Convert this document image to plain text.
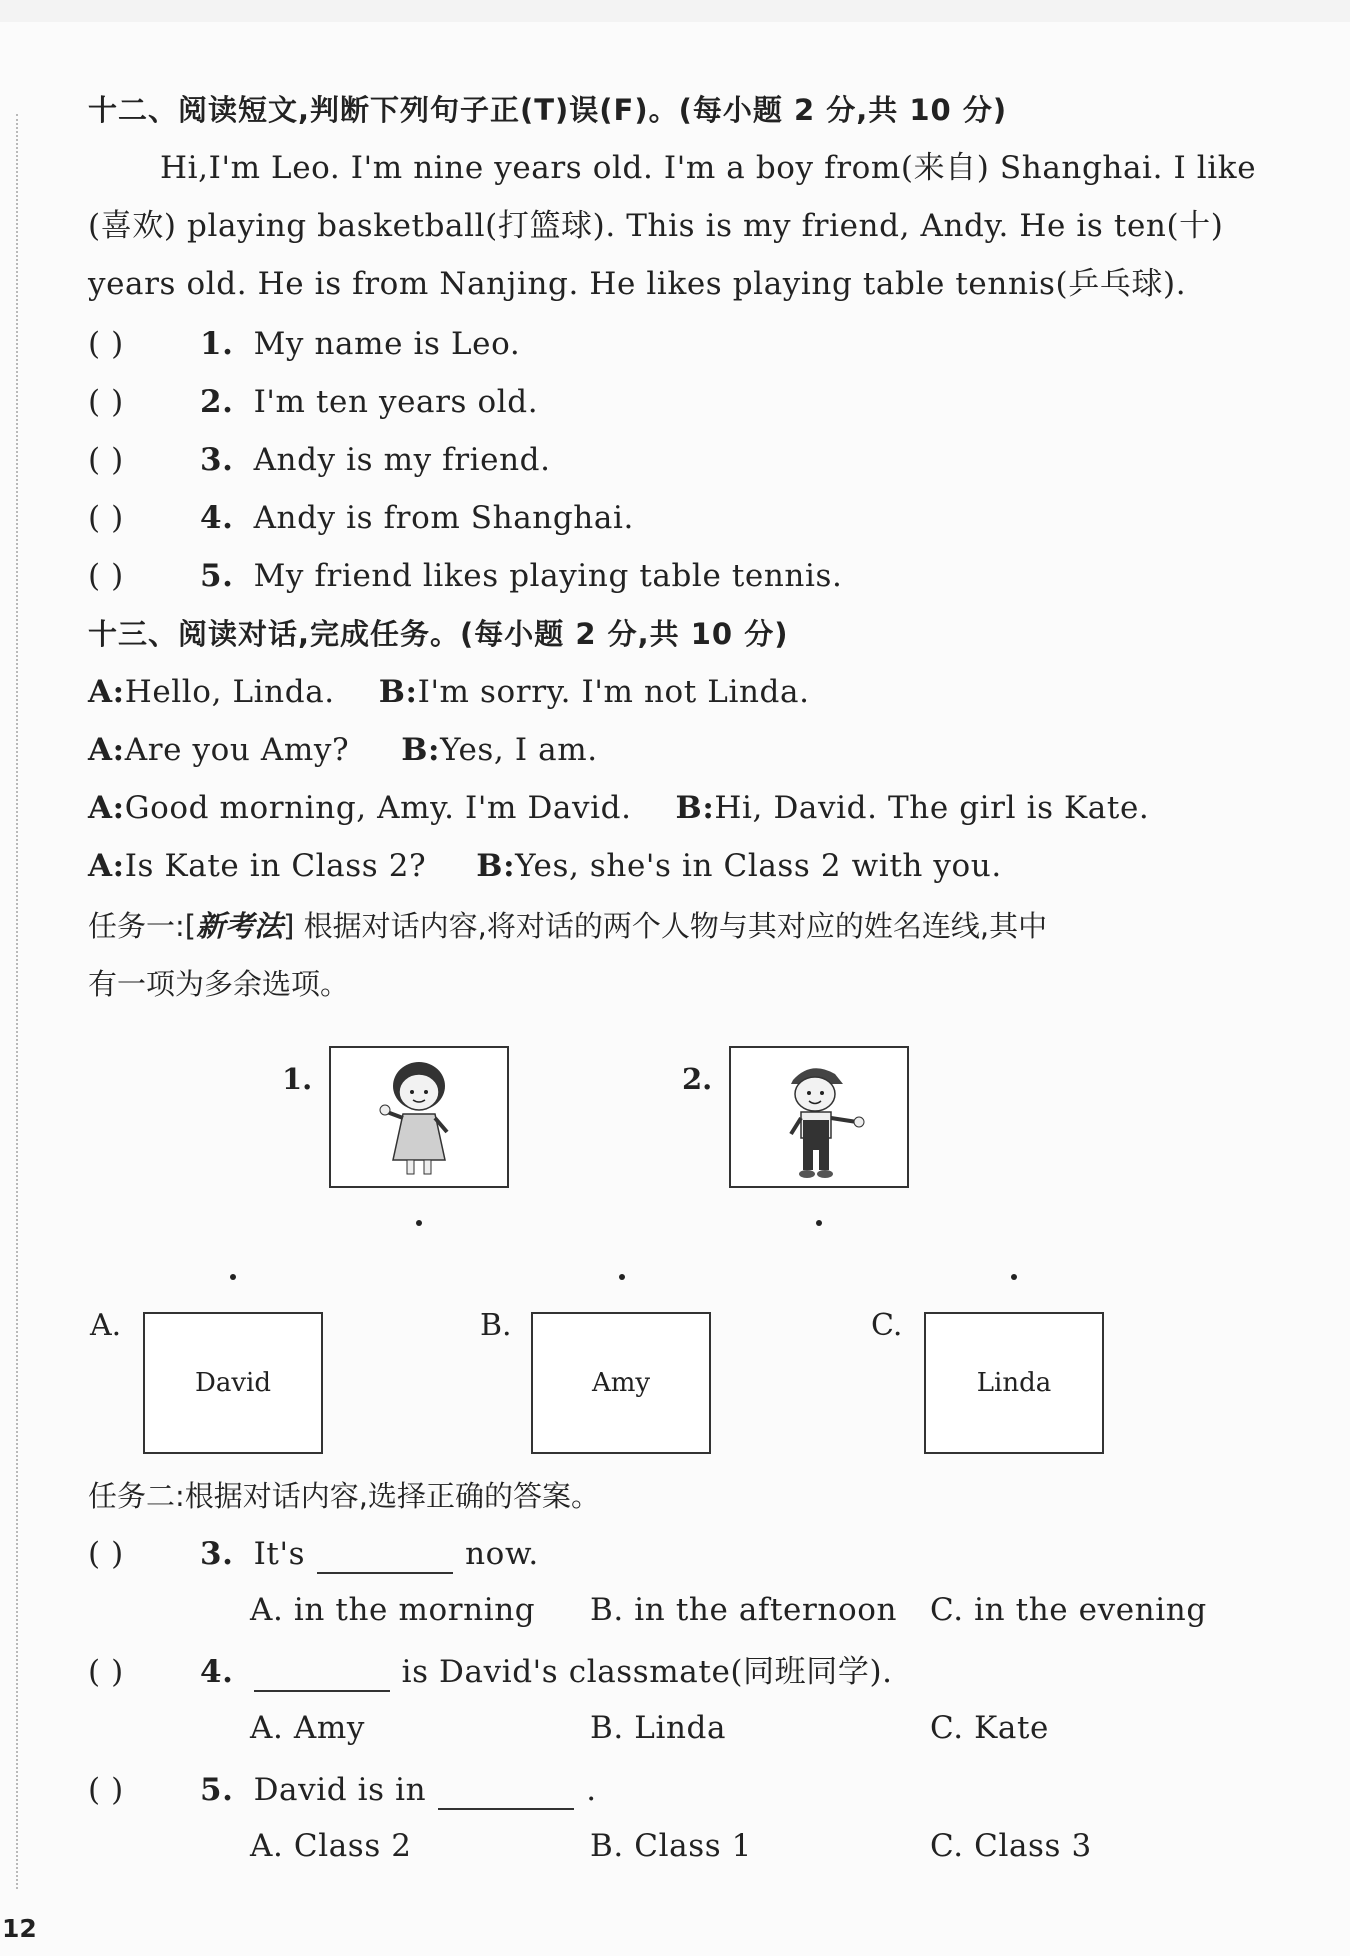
十二、阅读短文,判断下列句子正(T)误(F)。(每小题 2 分,共 10 分)
Hi,I'm Leo. I'm nine years old. I'm a boy from(来自) Shanghai. I like
(喜欢) playing basketball(打篮球). This is my friend, Andy. He is ten(十)
years old. He is from Nanjing. He likes playing table tennis(乒乓球).
( ) 1. My name is Leo.
( ) 2. I'm ten years old.
( ) 3. Andy is my friend.
( ) 4. Andy is from Shanghai.
( ) 5. My friend likes playing table tennis.
十三、阅读对话,完成任务。(每小题 2 分,共 10 分)
A:Hello, Linda. B:I'm sorry. I'm not Linda.
A:Are you Amy? B:Yes, I am.
A:Good morning, Amy. I'm David. B:Hi, David. The girl is Kate.
A:Is Kate in Class 2? B:Yes, she's in Class 2 with you.
任务一:[新考法] 根据对话内容,将对话的两个人物与其对应的姓名连线,其中
有一项为多余选项。
1.	2.
A.
David
B.
Amy
C.
Linda
任务二:根据对话内容,选择正确的答案。
( ) 3. It's	now.
A. in the morning B. in the afternoon C. in the evening
( ) 4.	is David's classmate(同班同学).
A. Amy	B. Linda	C. Kate
( ) 5. David is in	.
A. Class 2	B. Class 1	C. Class 3
12
